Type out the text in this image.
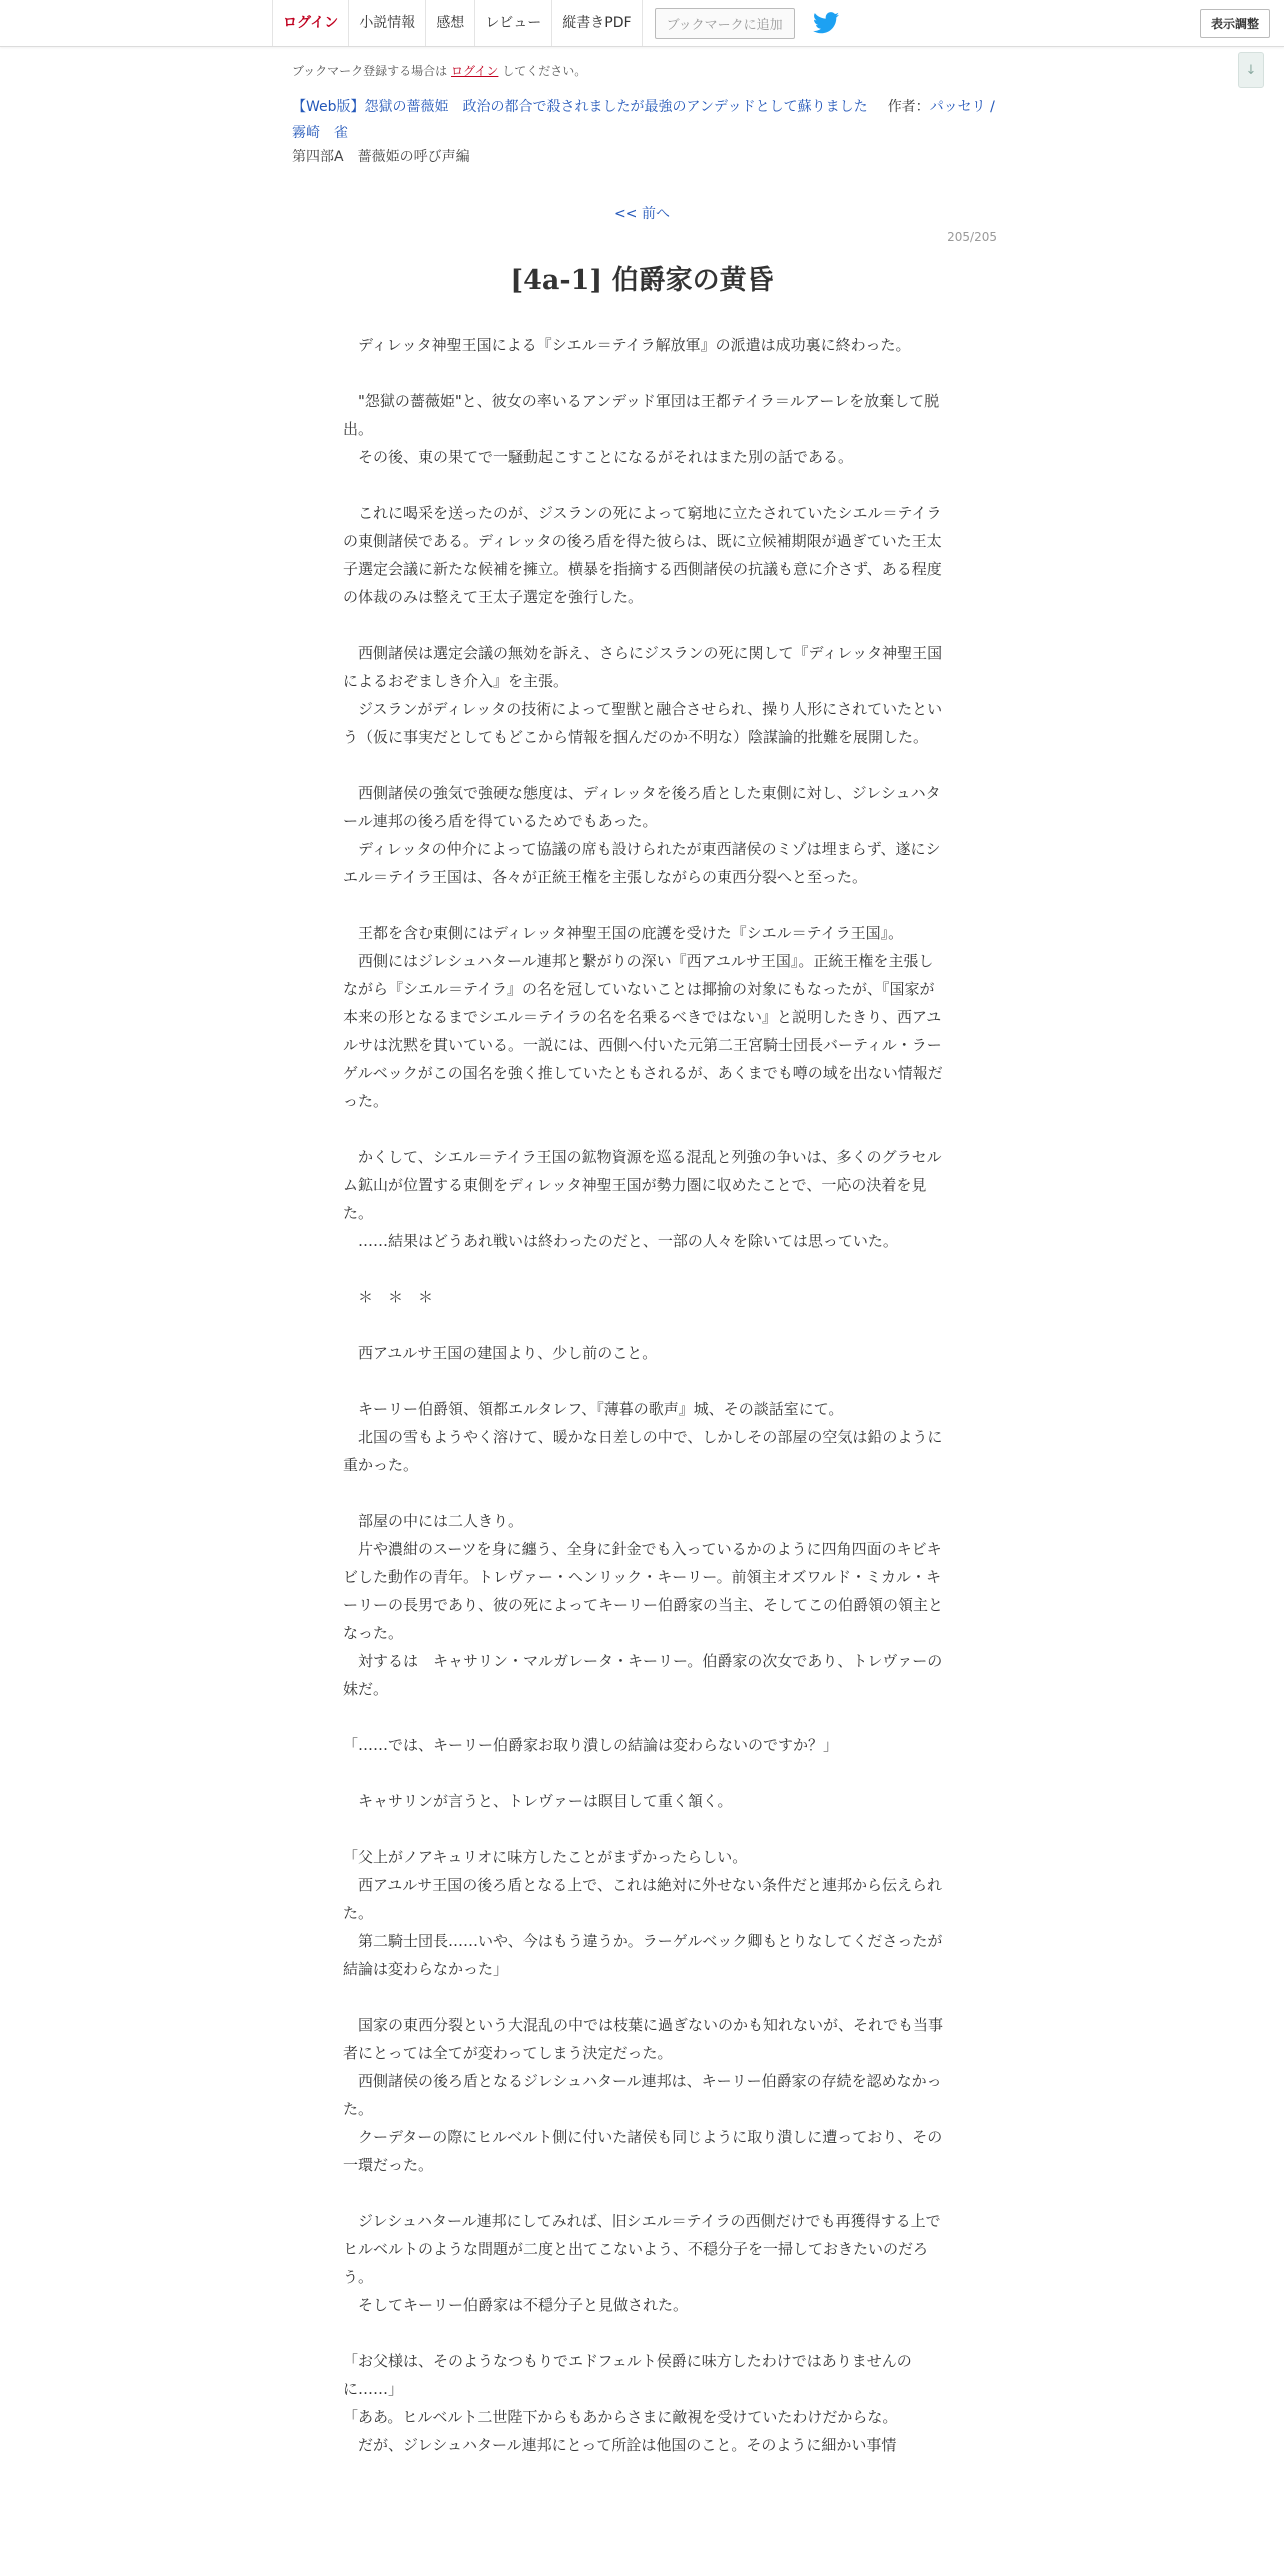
ログイン	小説情報	感想	レビュー	縦書きPDF	ブックマークに追加	表示調整
↓
ブックマーク登録する場合は ログイン してください。
【Web版】怨獄の薔薇姫　政治の都合で殺されましたが最強のアンデッドとして蘇りました 作者：パッセリ / 霧崎　雀
第四部A　薔薇姫の呼び声編
<< 前へ
205/205
[4a-1] 伯爵家の黄昏

　ディレッタ神聖王国による『シエル＝テイラ解放軍』の派遣は成功裏に終わった。

　"怨獄の薔薇姫"と、彼女の率いるアンデッド軍団は王都テイラ＝ルアーレを放棄して脱出。

　その後、東の果てで一騒動起こすことになるがそれはまた別の話である。

　これに喝采を送ったのが、ジスランの死によって窮地に立たされていたシエル＝テイラの東側諸侯である。ディレッタの後ろ盾を得た彼らは、既に立候補期限が過ぎていた王太子選定会議に新たな候補を擁立。横暴を指摘する西側諸侯の抗議も意に介さず、ある程度の体裁のみは整えて王太子選定を強行した。

　西側諸侯は選定会議の無効を訴え、さらにジスランの死に関して『ディレッタ神聖王国によるおぞましき介入』を主張。

　ジスランがディレッタの技術によって聖獣と融合させられ、操り人形にされていたという（仮に事実だとしてもどこから情報を掴んだのか不明な）陰謀論的批難を展開した。

　西側諸侯の強気で強硬な態度は、ディレッタを後ろ盾とした東側に対し、ジレシュハタール連邦の後ろ盾を得ているためでもあった。

　ディレッタの仲介によって協議の席も設けられたが東西諸侯のミゾは埋まらず、遂にシエル＝テイラ王国は、各々が正統王権を主張しながらの東西分裂へと至った。

　王都を含む東側にはディレッタ神聖王国の庇護を受けた『シエル＝テイラ王国』。

　西側にはジレシュハタール連邦と繋がりの深い『西アユルサ王国』。正統王権を主張しながら『シエル＝テイラ』の名を冠していないことは揶揄の対象にもなったが、『国家が本来の形となるまでシエル＝テイラの名を名乗るべきではない』と説明したきり、西アユルサは沈黙を貫いている。一説には、西側へ付いた元第二王宮騎士団長バーティル・ラーゲルベックがこの国名を強く推していたともされるが、あくまでも噂の域を出ない情報だった。

　かくして、シエル＝テイラ王国の鉱物資源を巡る混乱と列強の争いは、多くのグラセルム鉱山が位置する東側をディレッタ神聖王国が勢力圏に収めたことで、一応の決着を見た。

　……結果はどうあれ戦いは終わったのだと、一部の人々を除いては思っていた。

　＊　＊　＊

　西アユルサ王国の建国より、少し前のこと。

　キーリー伯爵領、領都エルタレフ、『薄暮の歌声』城、その談話室にて。

　北国の雪もようやく溶けて、暖かな日差しの中で、しかしその部屋の空気は鉛のように重かった。

　部屋の中には二人きり。

　片や濃紺のスーツを身に纏う、全身に針金でも入っているかのように四角四面のキビキビした動作の青年。トレヴァー・ヘンリック・キーリー。前領主オズワルド・ミカル・キーリーの長男であり、彼の死によってキーリー伯爵家の当主、そしてこの伯爵領の領主となった。

　対するは　キャサリン・マルガレータ・キーリー。伯爵家の次女であり、トレヴァーの妹だ。

「……では、キーリー伯爵家お取り潰しの結論は変わらないのですか？」

　キャサリンが言うと、トレヴァーは瞑目して重く頷く。

「父上がノアキュリオに味方したことがまずかったらしい。

　西アユルサ王国の後ろ盾となる上で、これは絶対に外せない条件だと連邦から伝えられた。

　第二騎士団長……いや、今はもう違うか。ラーゲルベック卿もとりなしてくださったが結論は変わらなかった」

　国家の東西分裂という大混乱の中では枝葉に過ぎないのかも知れないが、それでも当事者にとっては全てが変わってしまう決定だった。

　西側諸侯の後ろ盾となるジレシュハタール連邦は、キーリー伯爵家の存続を認めなかった。

　クーデターの際にヒルベルト側に付いた諸侯も同じように取り潰しに遭っており、その一環だった。

　ジレシュハタール連邦にしてみれば、旧シエル＝テイラの西側だけでも再獲得する上でヒルベルトのような問題が二度と出てこないよう、不穏分子を一掃しておきたいのだろう。

　そしてキーリー伯爵家は不穏分子と見做された。

「お父様は、そのようなつもりでエドフェルト侯爵に味方したわけではありませんのに……」

「ああ。ヒルベルト二世陛下からもあからさまに敵視を受けていたわけだからな。

　だが、ジレシュハタール連邦にとって所詮は他国のこと。そのように細かい事情
